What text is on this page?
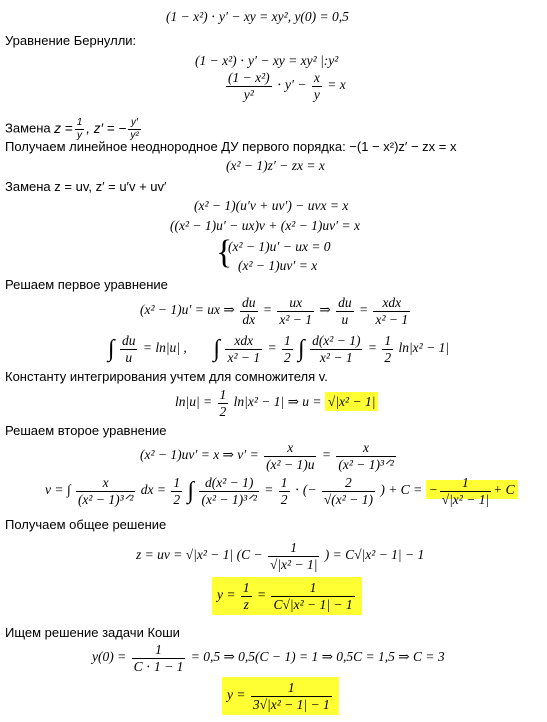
(1 − x²) ⋅ y′ − xy = xy², y(0) = 0,5
Уравнение Бернулли:
(1 − x²) ⋅ y′ − xy = xy² |:y²
$\frac{\text{(1 − x²)}}{\text{y²}} \cdot y' - \frac{x}{y} = x$
Замена $z = \frac{1}{y}$ , z′ = − $\frac{y'}{\text{y²}}$
Получаем линейное неоднородное ДУ первого порядка: −(1 − x²)z′ − zx = x
(x² − 1)z′ − zx = x
Замена z = uv, z′ = u′v + uv′
(x² − 1)(u′v + uv′) − uvx = x
((x² − 1)u′ − ux)v + (x² − 1)uv′ = x
{
(x² − 1)u′ − ux = 0
(x² − 1)uv′ = x
Решаем первое уравнение
(x² − 1)u′ = ux ⇒ $\frac{du}{dx} = \frac{ux}{\text{x² − 1}}$ ⇒ $\frac{du}{u} = \frac{\text{xdx}}{\text{x² − 1}}$
∫ $\frac{du}{u} = \ln|u|$ , ∫ $\frac{\text{xdx}}{\text{x² − 1}} = \frac{1}{2}$ ∫ $\frac{\text{d(x² − 1)}}{\text{x² − 1}} = \frac{1}{2} \ln|x^2 - 1|$
Константу интегрирования учтем для сомножителя v.
$\ln|u| = \frac{1}{2} \ln|x^2 - 1|$ ⇒ u = √|x² − 1|
Решаем второе уравнение
(x² − 1)uv′ = x ⇒ $v' = \frac{x}{\text{(x² − 1)u}} = \frac{x}{\text{(x² − 1)³ᐟ²}}$
v = ∫ $\frac{x}{\text{(x² − 1)³ᐟ²}}$ dx = $\frac{1}{2}$ ∫ $\frac{\text{d(x² − 1)}}{\text{(x² − 1)³ᐟ²}} = \frac{1}{2}$ ⋅ (− $\frac{2}{\text{√(x² − 1)}}$ ) + C = − $\frac{1}{\text{√|x² − 1|}} + C$
Получаем общее решение
z = uv = √|x² − 1| ($C - \frac{1}{\text{√|x² − 1|}}$ ) = C√|x² − 1| − 1
$y = \frac{1}{z} = \frac{1}{\text{C√|x² − 1| − 1}}$
Ищем решение задачи Коши
$y(0) = \frac{1}{C \cdot 1 - 1} = 0,5$ ⇒ 0,5(C − 1) = 1 ⇒ 0,5C = 1,5 ⇒ C = 3
$y = \frac{1}{\text{3√|x² − 1| − 1}}$
